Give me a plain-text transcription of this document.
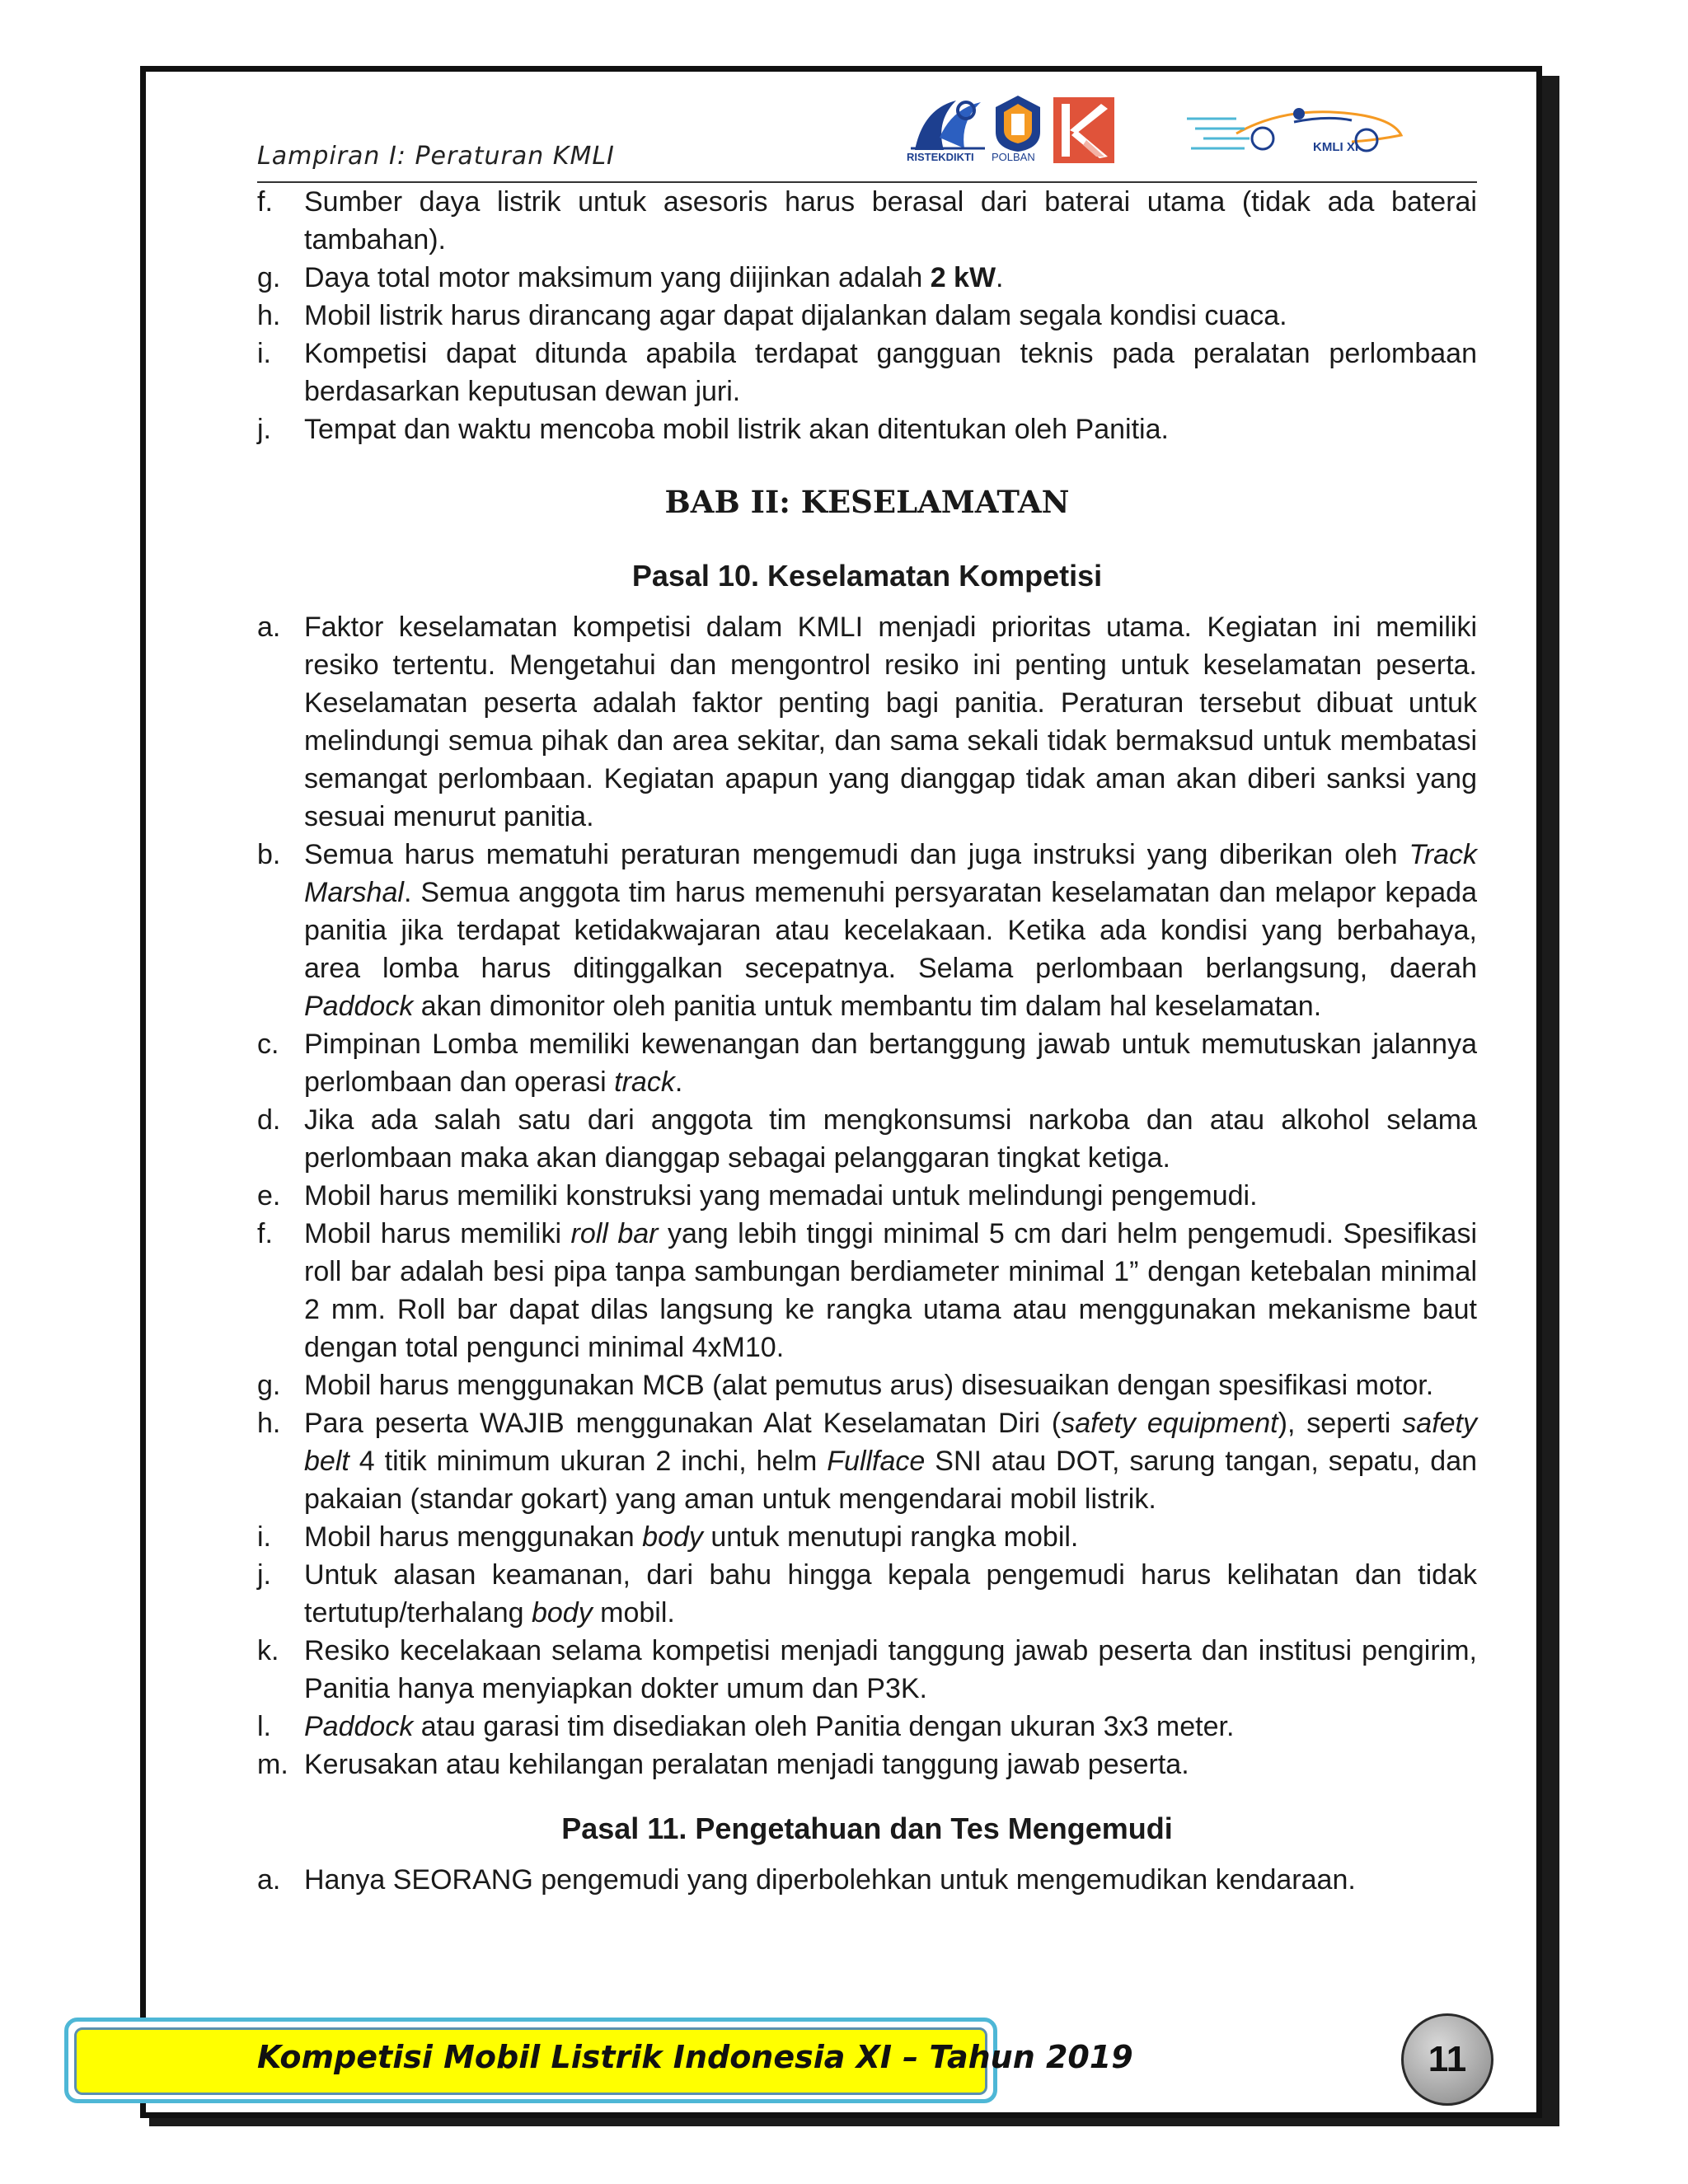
Lampiran I: Peraturan KMLI	RISTEKDIKTI POLBAN
KMLI XI
f.	Sumber daya listrik untuk asesoris harus berasal dari baterai utama (tidak ada baterai tambahan).
g. Daya total motor maksimum yang diijinkan adalah 2 kW.
h. Mobil listrik harus dirancang agar dapat dijalankan dalam segala kondisi cuaca.
i.	Kompetisi dapat ditunda apabila terdapat gangguan teknis pada peralatan perlombaan berdasarkan keputusan dewan juri.
j.	Tempat dan waktu mencoba mobil listrik akan ditentukan oleh Panitia.
BAB II: KESELAMATAN
Pasal 10. Keselamatan Kompetisi
a. Faktor keselamatan kompetisi dalam KMLI menjadi prioritas utama. Kegiatan ini memiliki resiko tertentu. Mengetahui dan mengontrol resiko ini penting untuk keselamatan peserta. Keselamatan peserta adalah faktor penting bagi panitia. Peraturan tersebut dibuat untuk melindungi semua pihak dan area sekitar, dan sama sekali tidak bermaksud untuk membatasi semangat perlombaan. Kegiatan apapun yang dianggap tidak aman akan diberi sanksi yang sesuai menurut panitia.
b. Semua harus mematuhi peraturan mengemudi dan juga instruksi yang diberikan oleh Track Marshal. Semua anggota tim harus memenuhi persyaratan keselamatan dan melapor kepada panitia jika terdapat ketidakwajaran atau kecelakaan. Ketika ada kondisi yang berbahaya, area lomba harus ditinggalkan secepatnya. Selama perlombaan berlangsung, daerah Paddock akan dimonitor oleh panitia untuk membantu tim dalam hal keselamatan.
c. Pimpinan Lomba memiliki kewenangan dan bertanggung jawab untuk memutuskan jalannya perlombaan dan operasi track.
d. Jika ada salah satu dari anggota tim mengkonsumsi narkoba dan atau alkohol selama perlombaan maka akan dianggap sebagai pelanggaran tingkat ketiga.
e. Mobil harus memiliki konstruksi yang memadai untuk melindungi pengemudi.
f.	Mobil harus memiliki roll bar yang lebih tinggi minimal 5 cm dari helm pengemudi. Spesifikasi roll bar adalah besi pipa tanpa sambungan berdiameter minimal 1” dengan ketebalan minimal 2 mm. Roll bar dapat dilas langsung ke rangka utama atau menggunakan mekanisme baut dengan total pengunci minimal 4xM10.
g. Mobil harus menggunakan MCB (alat pemutus arus) disesuaikan dengan spesifikasi motor.
h. Para peserta WAJIB menggunakan Alat Keselamatan Diri (safety equipment), seperti safety belt 4 titik minimum ukuran 2 inchi, helm Fullface SNI atau DOT, sarung tangan, sepatu, dan pakaian (standar gokart) yang aman untuk mengendarai mobil listrik.
i.	Mobil harus menggunakan body untuk menutupi rangka mobil.
j.	Untuk alasan keamanan, dari bahu hingga kepala pengemudi harus kelihatan dan tidak tertutup/terhalang body mobil.
k. Resiko kecelakaan selama kompetisi menjadi tanggung jawab peserta dan institusi pengirim, Panitia hanya menyiapkan dokter umum dan P3K.
l.	Paddock atau garasi tim disediakan oleh Panitia dengan ukuran 3x3 meter.
m. Kerusakan atau kehilangan peralatan menjadi tanggung jawab peserta.
Pasal 11. Pengetahuan dan Tes Mengemudi
a. Hanya SEORANG pengemudi yang diperbolehkan untuk mengemudikan kendaraan.
Kompetisi Mobil Listrik Indonesia XI – Tahun 2019	11
